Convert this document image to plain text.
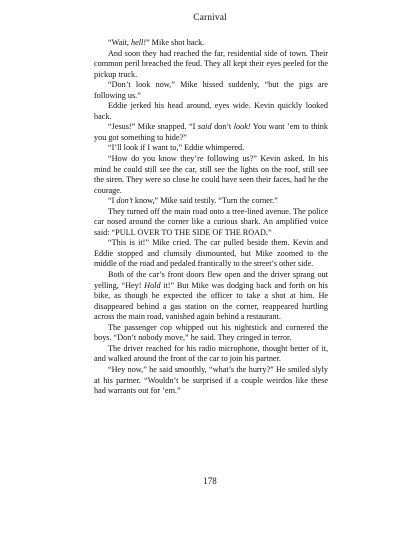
Carnival

“Wait, hell!” Mike shot back.

And soon they had reached the far, residential side of town. Their common peril breached the feud. They all kept their eyes peeled for the pickup truck.

“Don’t look now,” Mike hissed suddenly, “but the pigs are following us.”

Eddie jerked his head around, eyes wide. Kevin quickly looked back.

“Jesus!” Mike snapped. “I said don’t look! You want ’em to think you got something to hide?”

“I’ll look if I want to,” Eddie whimpered.

“How do you know they’re following us?” Kevin asked. In his mind he could still see the car, still see the lights on the roof, still see the siren. They were so close he could have seen their faces, had he the courage.

“I don’t know,” Mike said testily. “Turn the corner.”

They turned off the main road onto a tree-lined avenue. The police car nosed around the corner like a curious shark. An amplified voice said: “PULL OVER TO THE SIDE OF THE ROAD.”

“This is it!” Mike cried. The car pulled beside them. Kevin and Eddie stopped and clumsily dismounted, but Mike zoomed to the middle of the road and pedaled frantically to the street’s other side.

Both of the car’s front doors flew open and the driver sprang out yelling, “Hey! Hold it!” But Mike was dodging back and forth on his bike, as though he expected the officer to take a shot at him. He disappeared behind a gas station on the corner, reappeared hurtling across the main road, vanished again behind a restaurant.

The passenger cop whipped out his nightstick and cornered the boys. “Don’t nobody move,” he said. They cringed in terror.

The driver reached for his radio microphone, thought better of it, and walked around the front of the car to join his partner.

“Hey now,” he said smoothly, “what’s the hurry?” He smiled slyly at his partner. “Wouldn’t be surprised if a couple weirdos like these had warrants out for ’em.”

178
